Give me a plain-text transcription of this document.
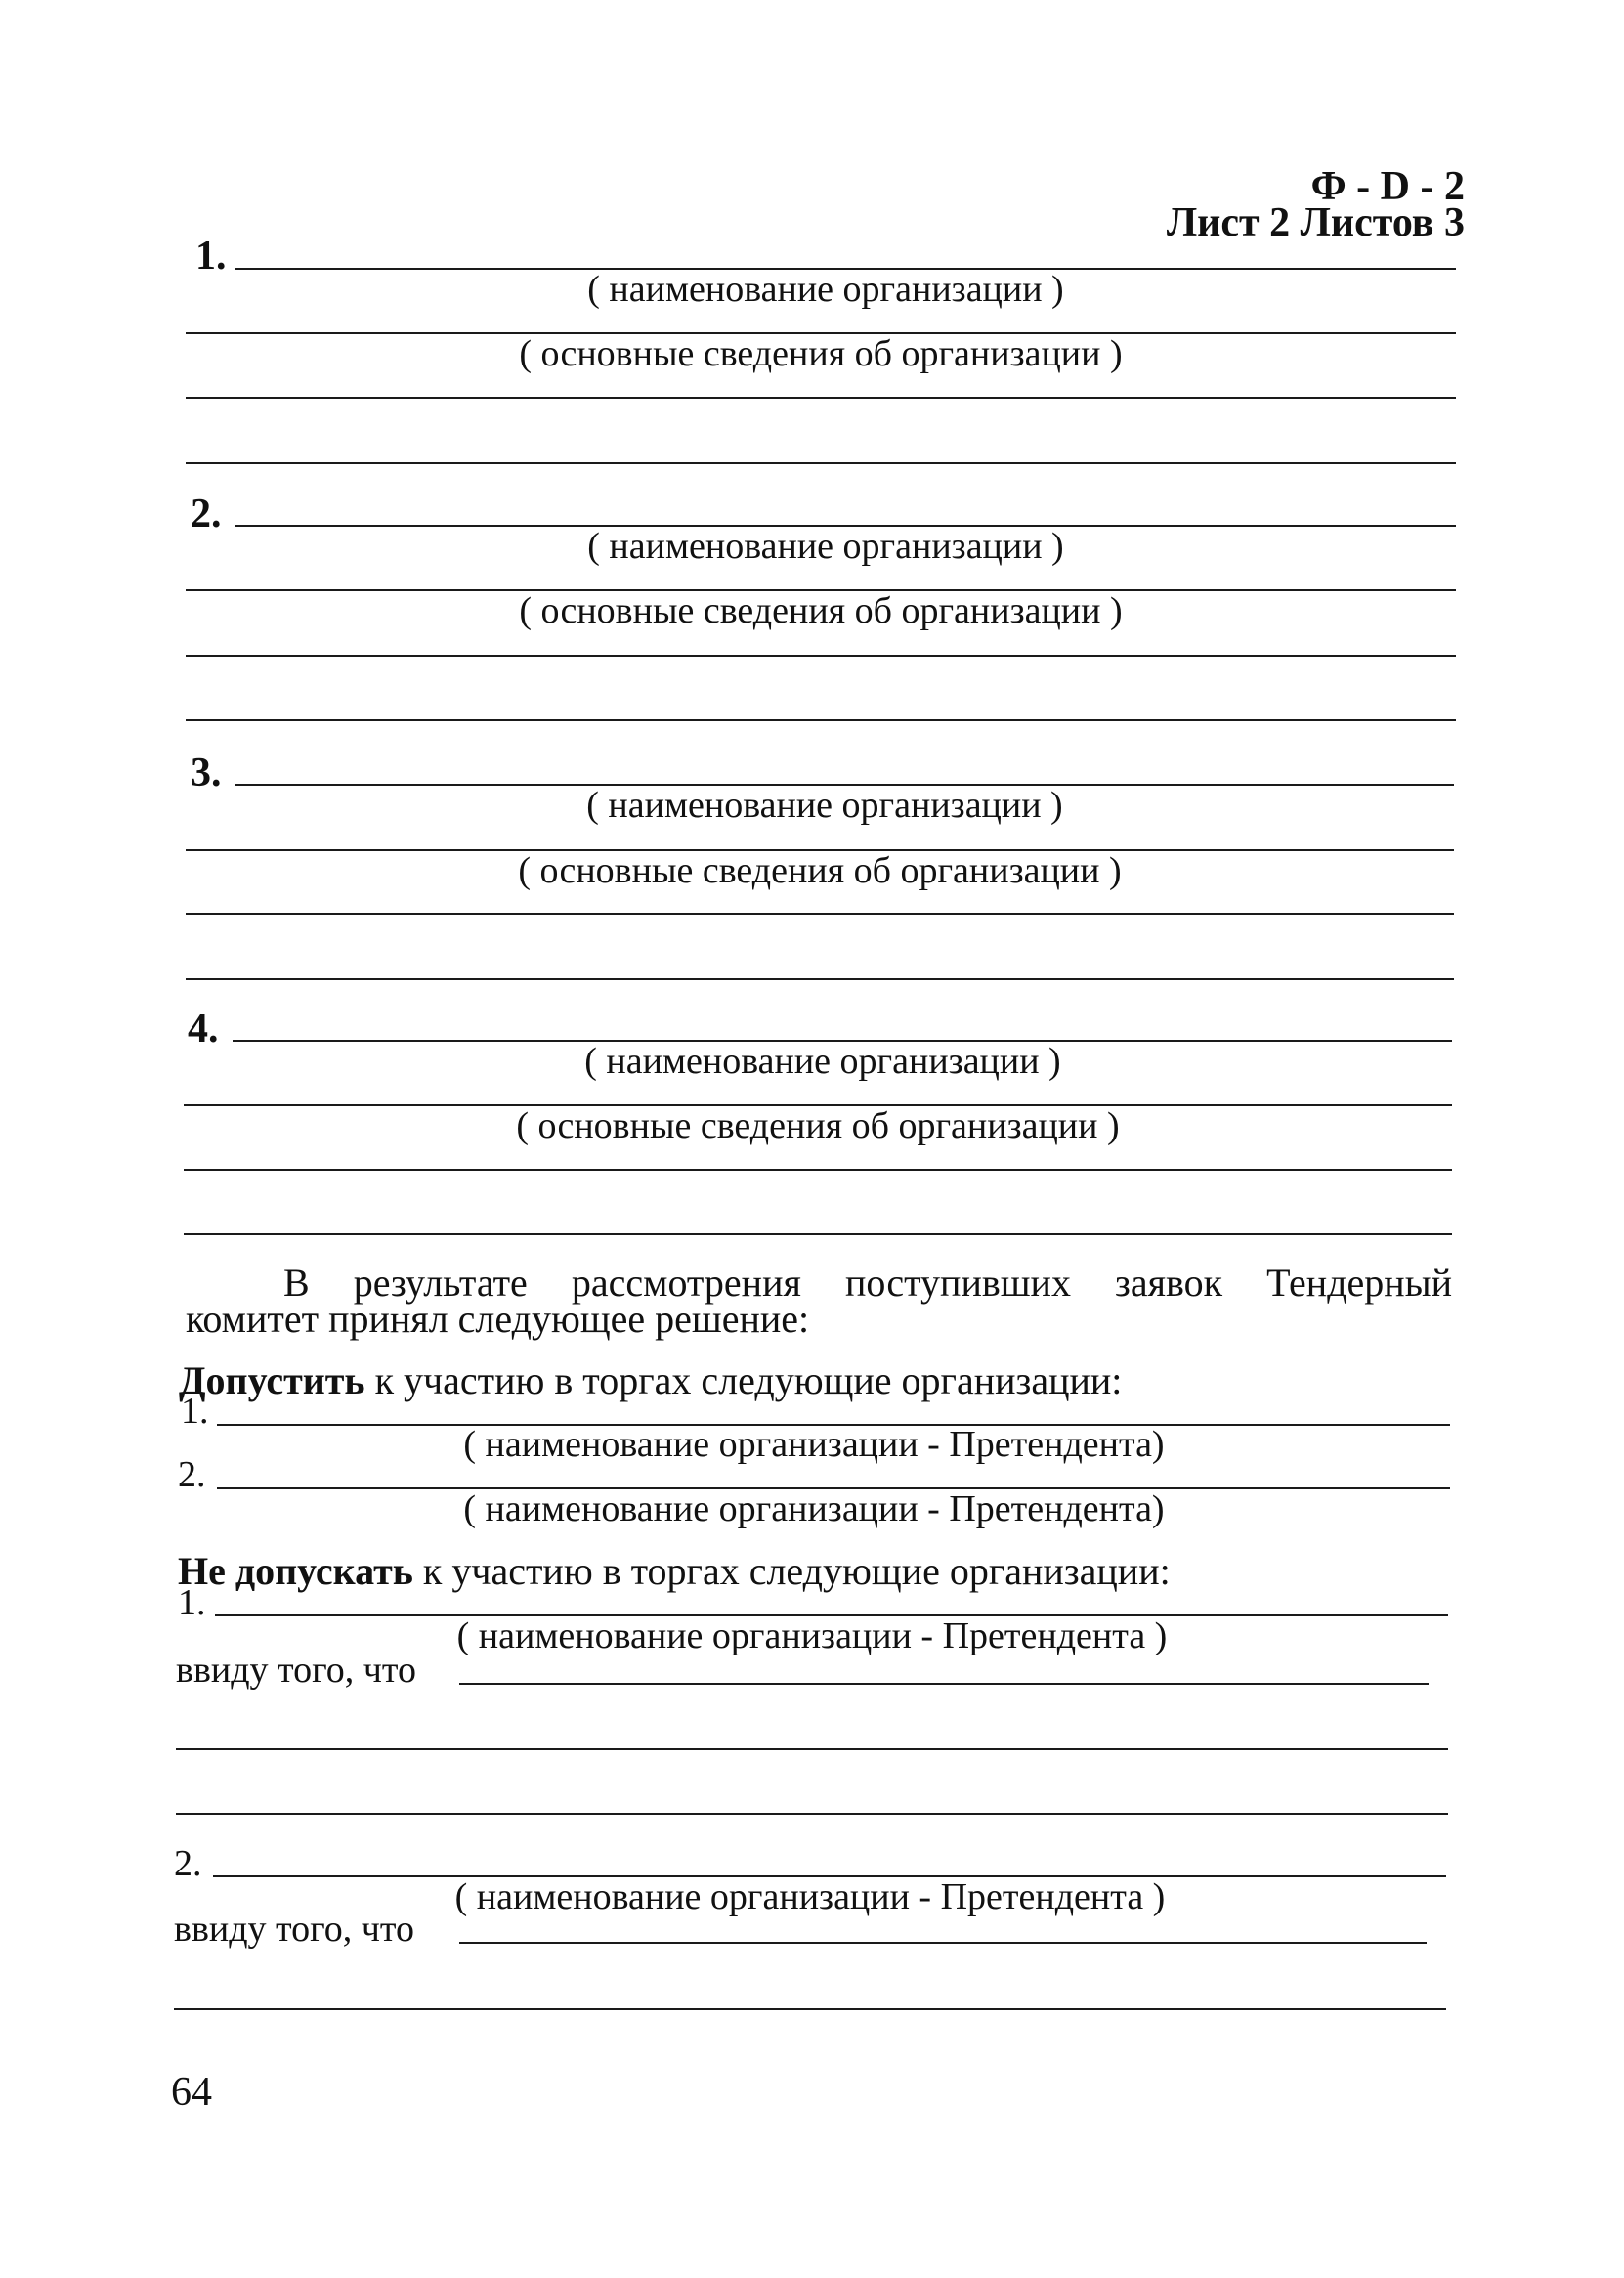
Ф - D - 2
Лист 2 Листов 3
1.
( наименование организации )
( основные сведения об организации )
2.
( наименование организации )
( основные сведения об организации )
3.
( наименование организации )
( основные сведения об организации )
4.
( наименование организации )
( основные сведения об организации )
В результате рассмотрения поступивших заявок Тендерный
комитет принял следующее решение:
Допустить к участию в торгах следующие организации:
1.
( наименование организации - Претендента)
2.
( наименование организации - Претендента)
Не допускать к участию в торгах следующие организации:
1.
( наименование организации - Претендента )
ввиду того, что
2.
( наименование организации - Претендента )
ввиду того, что
64
